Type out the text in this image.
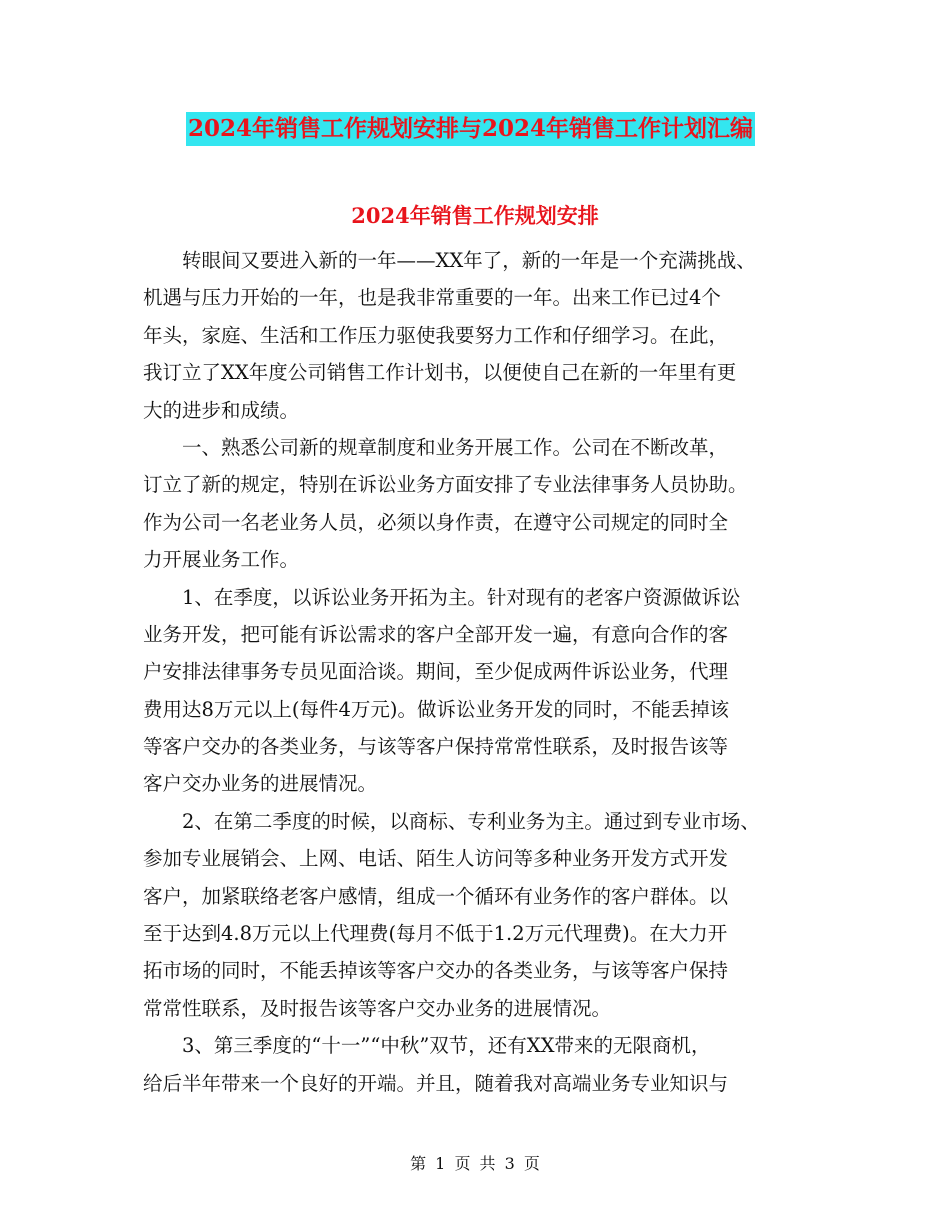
2024年销售工作规划安排与2024年销售工作计划汇编
2024年销售工作规划安排

转眼间又要进入新的一年——XX年了，新的一年是一个充满挑战、
机遇与压力开始的一年，也是我非常重要的一年。出来工作已过4个
年头，家庭、生活和工作压力驱使我要努力工作和仔细学习。在此，
我订立了XX年度公司销售工作计划书，以便使自己在新的一年里有更
大的进步和成绩。

一、熟悉公司新的规章制度和业务开展工作。公司在不断改革，
订立了新的规定，特别在诉讼业务方面安排了专业法律事务人员协助。
作为公司一名老业务人员，必须以身作责，在遵守公司规定的同时全
力开展业务工作。

1、在季度，以诉讼业务开拓为主。针对现有的老客户资源做诉讼
业务开发，把可能有诉讼需求的客户全部开发一遍，有意向合作的客
户安排法律事务专员见面洽谈。期间，至少促成两件诉讼业务，代理
费用达8万元以上(每件4万元)。做诉讼业务开发的同时，不能丢掉该
等客户交办的各类业务，与该等客户保持常常性联系，及时报告该等
客户交办业务的进展情况。

2、在第二季度的时候，以商标、专利业务为主。通过到专业市场、
参加专业展销会、上网、电话、陌生人访问等多种业务开发方式开发
客户，加紧联络老客户感情，组成一个循环有业务作的客户群体。以
至于达到4.8万元以上代理费(每月不低于1.2万元代理费)。在大力开
拓市场的同时，不能丢掉该等客户交办的各类业务，与该等客户保持
常常性联系，及时报告该等客户交办业务的进展情况。

3、第三季度的“十一”“中秋”双节，还有XX带来的无限商机，
给后半年带来一个良好的开端。并且，随着我对高端业务专业知识与

第 1 页 共 3 页
